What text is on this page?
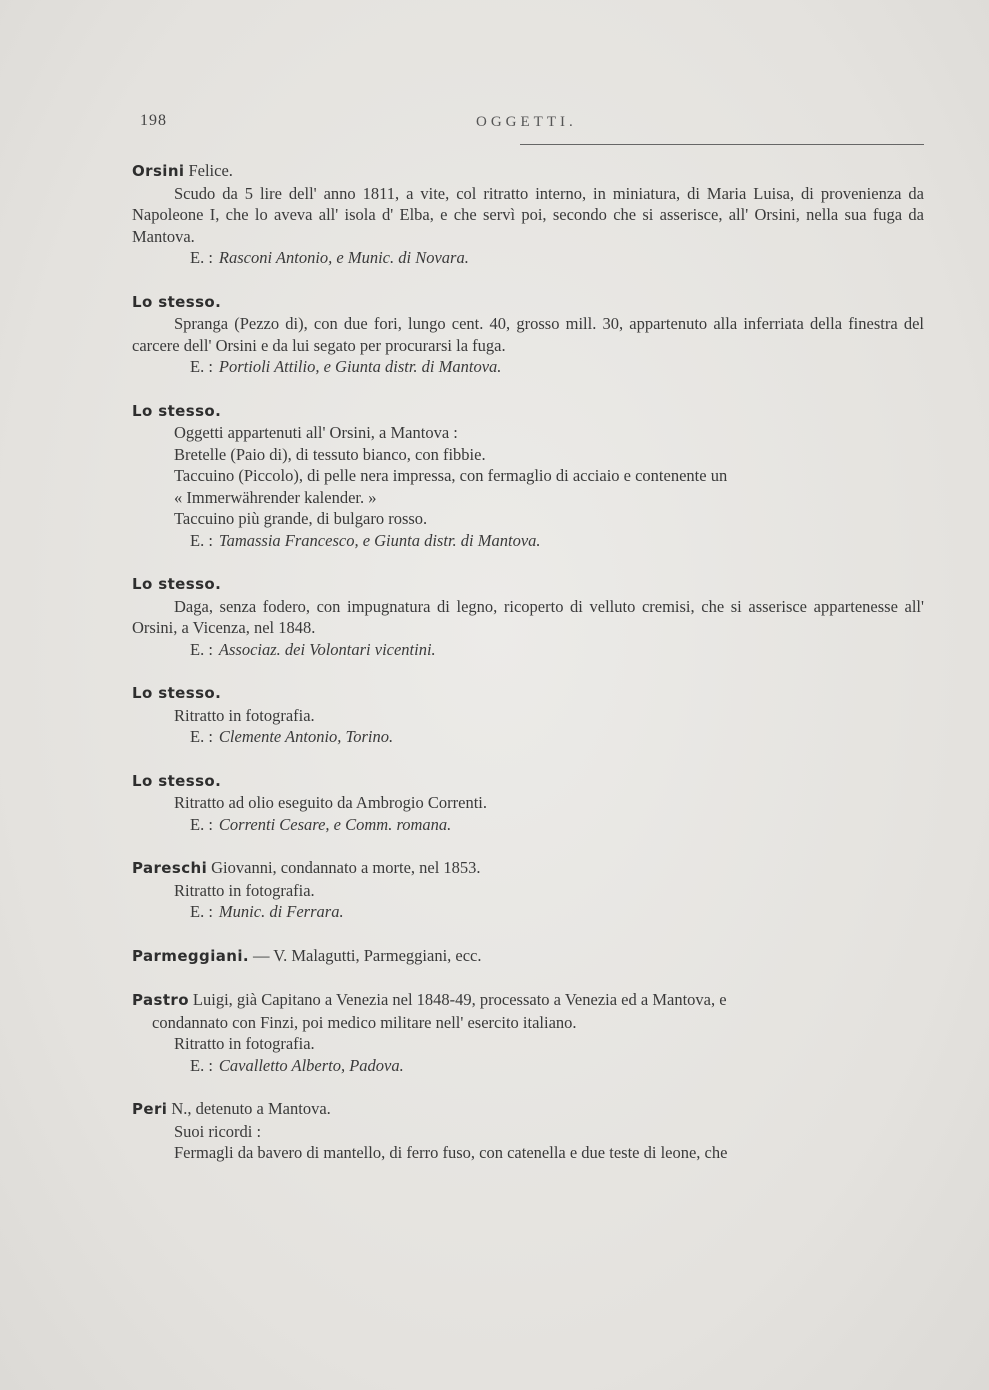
198	OGGETTI.

Orsini Felice.

Scudo da 5 lire dell' anno 1811, a vite, col ritratto interno, in miniatura, di Maria Luisa, di provenienza da Napoleone I, che lo aveva all' isola d' Elba, e che servì poi, secondo che si asserisce, all' Orsini, nella sua fuga da Mantova.

E. : Rasconi Antonio, e Munic. di Novara.

Lo stesso.

Spranga (Pezzo di), con due fori, lungo cent. 40, grosso mill. 30, appartenuto alla inferriata della finestra del carcere dell' Orsini e da lui segato per procurarsi la fuga.

E. : Portioli Attilio, e Giunta distr. di Mantova.

Lo stesso.

Oggetti appartenuti all' Orsini, a Mantova :

Bretelle (Paio di), di tessuto bianco, con fibbie.

Taccuino (Piccolo), di pelle nera impressa, con fermaglio di acciaio e contenente un

« Immerwährender kalender. »

Taccuino più grande, di bulgaro rosso.

E. : Tamassia Francesco, e Giunta distr. di Mantova.

Lo stesso.

Daga, senza fodero, con impugnatura di legno, ricoperto di velluto cremisi, che si asserisce appartenesse all' Orsini, a Vicenza, nel 1848.

E. : Associaz. dei Volontari vicentini.

Lo stesso.

Ritratto in fotografia.

E. : Clemente Antonio, Torino.

Lo stesso.

Ritratto ad olio eseguito da Ambrogio Correnti.

E. : Correnti Cesare, e Comm. romana.

Pareschi Giovanni, condannato a morte, nel 1853.

Ritratto in fotografia.

E. : Munic. di Ferrara.

Parmeggiani. — V. Malagutti, Parmeggiani, ecc.

Pastro Luigi, già Capitano a Venezia nel 1848-49, processato a Venezia ed a Mantova, e

condannato con Finzi, poi medico militare nell' esercito italiano.

Ritratto in fotografia.

E. : Cavalletto Alberto, Padova.

Peri N., detenuto a Mantova.

Suoi ricordi :

Fermagli da bavero di mantello, di ferro fuso, con catenella e due teste di leone, che
